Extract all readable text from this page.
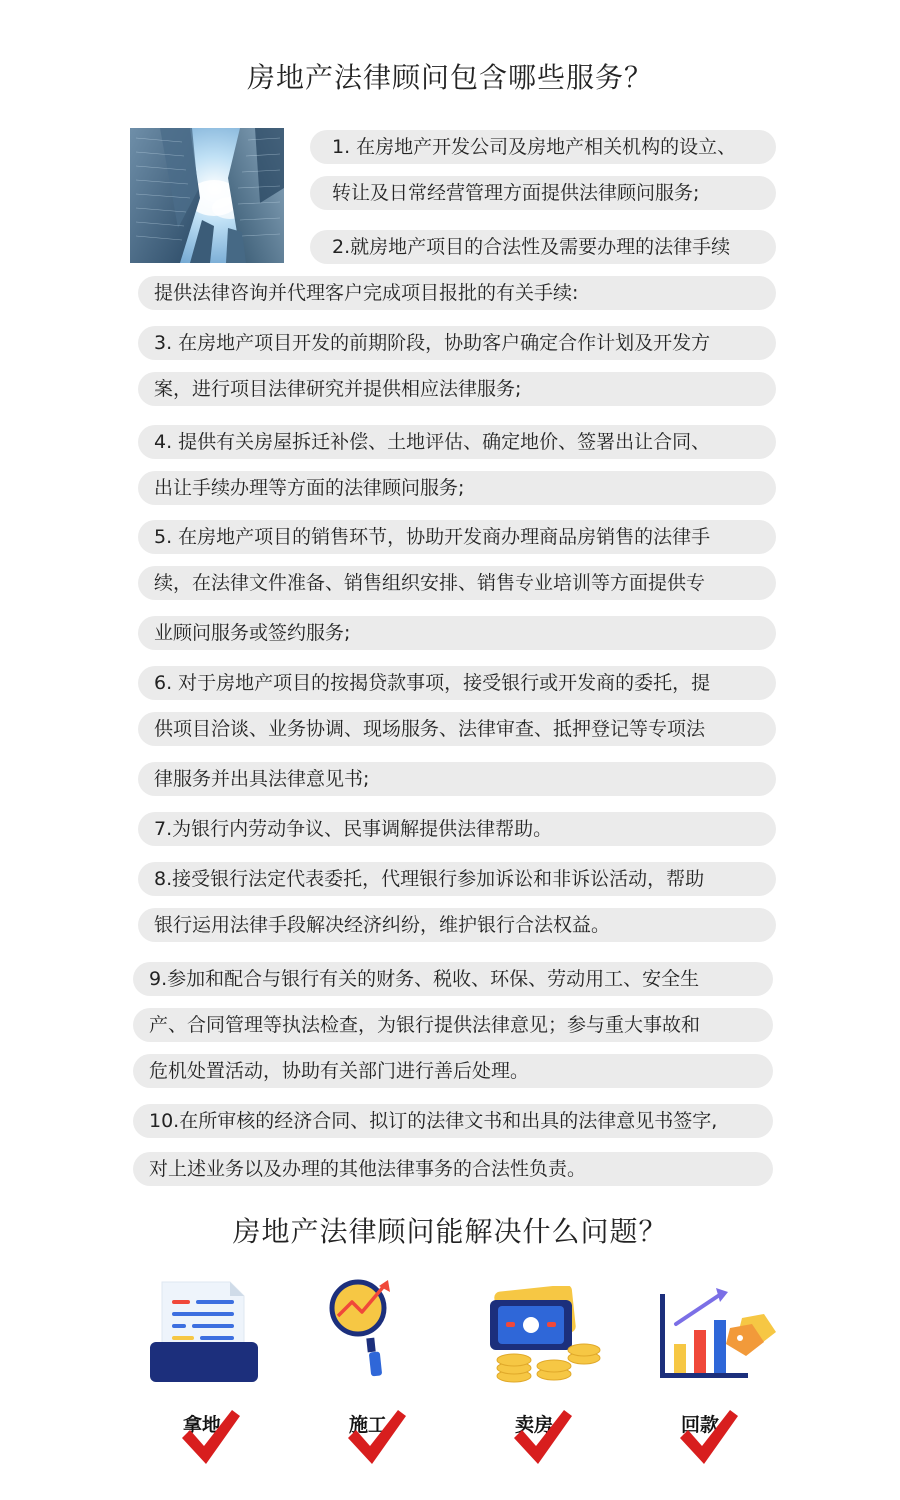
房地产法律顾问包含哪些服务？
1. 在房地产开发公司及房地产相关机构的设立、
转让及日常经营管理方面提供法律顾问服务;
2.就房地产项目的合法性及需要办理的法律手续
提供法律咨询并代理客户完成项目报批的有关手续:
3. 在房地产项目开发的前期阶段，协助客户确定合作计划及开发方
案，进行项目法律研究并提供相应法律服务;
4. 提供有关房屋拆迁补偿、土地评估、确定地价、签署出让合同、
出让手续办理等方面的法律顾问服务;
5. 在房地产项目的销售环节，协助开发商办理商品房销售的法律手
续，在法律文件准备、销售组织安排、销售专业培训等方面提供专
业顾问服务或签约服务;
6. 对于房地产项目的按揭贷款事项，接受银行或开发商的委托，提
供项目洽谈、业务协调、现场服务、法律审查、抵押登记等专项法
律服务并出具法律意见书;
7.为银行内劳动争议、民事调解提供法律帮助。
8.接受银行法定代表委托，代理银行参加诉讼和非诉讼活动，帮助
银行运用法律手段解决经济纠纷，维护银行合法权益。
9.参加和配合与银行有关的财务、税收、环保、劳动用工、安全生
产、合同管理等执法检查，为银行提供法律意见；参与重大事故和
危机处置活动，协助有关部门进行善后处理。
10.在所审核的经济合同、拟订的法律文书和出具的法律意见书签字,
对上述业务以及办理的其他法律事务的合法性负责。
房地产法律顾问能解决什么问题？
拿地	施工	卖房	回款
